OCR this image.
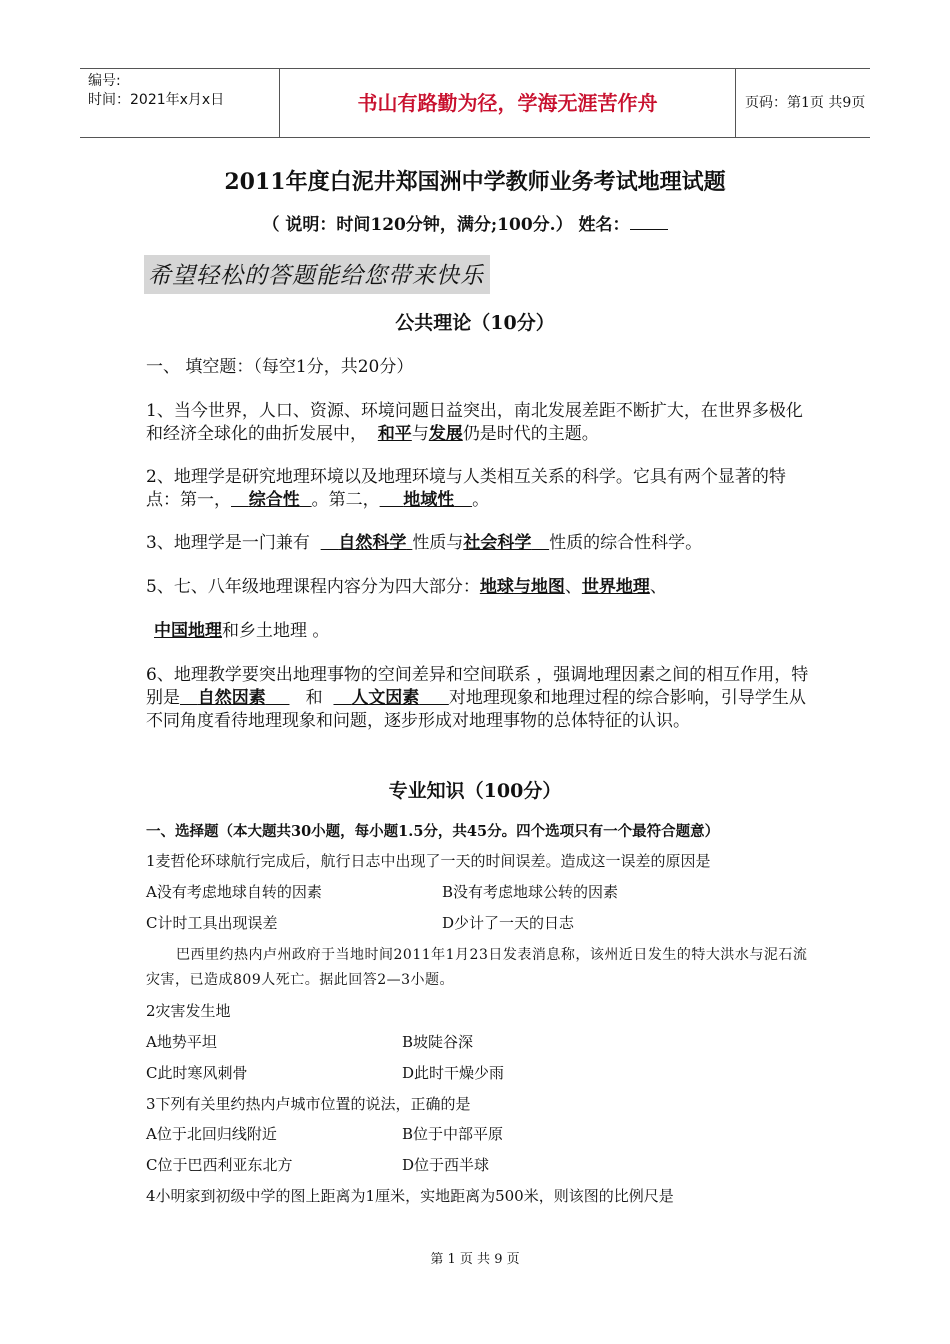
编号:
时间：2021年x月x日	书山有路勤为径，学海无涯苦作舟	页码：第1页 共9页
2011年度白泥井郑国洲中学教师业务考试地理试题
（ 说明：时间120分钟，满分;100分.） 姓名：
希望轻松的答题能给您带来快乐
公共理论（10分）
一、 填空题：（每空1分，共20分）
1、当今世界，人口、资源、环境问题日益突出，南北发展差距不断扩大，在世界多极化和经济全球化的曲折发展中， 和平与发展仍是时代的主题。
2、地理学是研究地理环境以及地理环境与人类相互关系的科学。它具有两个显著的特点：第一， 综合性 。第二， 地域性 。
3、地理学是一门兼有 自然科学 性质与社会科学 性质的综合性科学。
5、七、八年级地理课程内容分为四大部分：地球与地图、世界地理、
中国地理和乡土地理 。
6、地理教学要突出地理事物的空间差异和空间联系 ，强调地理因素之间的相互作用，特别是 自然因素 和 人文因素 对地理现象和地理过程的综合影响，引导学生从不同角度看待地理现象和问题，逐步形成对地理事物的总体特征的认识。
专业知识（100分）
一、选择题（本大题共30小题，每小题1.5分，共45分。四个选项只有一个最符合题意）
1麦哲伦环球航行完成后，航行日志中出现了一天的时间误差。造成这一误差的原因是
A没有考虑地球自转的因素	B没有考虑地球公转的因素
C计时工具出现误差	D少计了一天的日志
巴西里约热内卢州政府于当地时间2011年1月23日发表消息称，该州近日发生的特大洪水与泥石流灾害，已造成809人死亡。据此回答2—3小题。
2灾害发生地
A地势平坦	B坡陡谷深
C此时寒风刺骨	D此时干燥少雨
3下列有关里约热内卢城市位置的说法，正确的是
A位于北回归线附近	B位于中部平原
C位于巴西利亚东北方	D位于西半球
4小明家到初级中学的图上距离为1厘米，实地距离为500米，则该图的比例尺是
第 1 页 共 9 页
